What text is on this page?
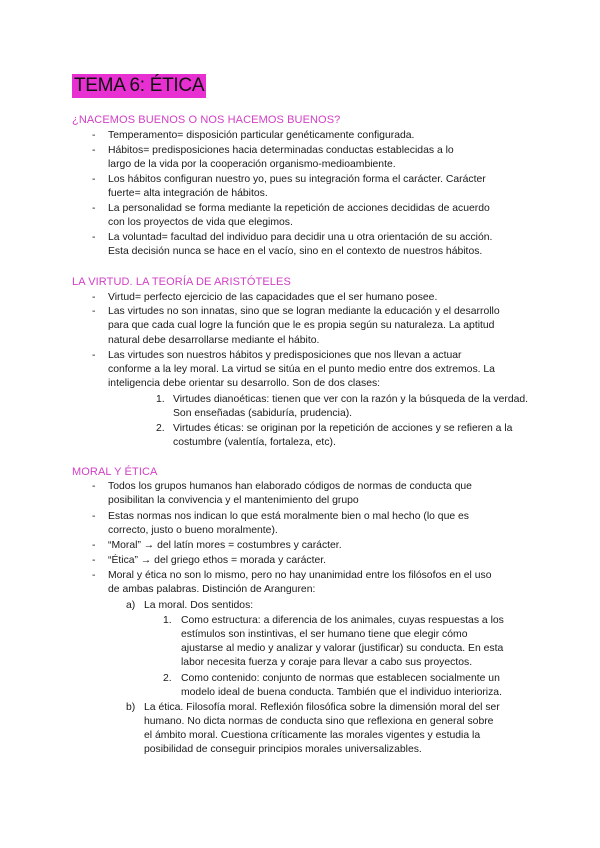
TEMA 6: ÉTICA
¿NACEMOS BUENOS O NOS HACEMOS BUENOS?
- Temperamento= disposición particular genéticamente configurada.
- Hábitos= predisposiciones hacia determinadas conductas establecidas a lo
largo de la vida por la cooperación organismo-medioambiente.
- Los hábitos configuran nuestro yo, pues su integración forma el carácter. Carácter
fuerte= alta integración de hábitos.
- La personalidad se forma mediante la repetición de acciones decididas de acuerdo
con los proyectos de vida que elegimos.
- La voluntad= facultad del individuo para decidir una u otra orientación de su acción.
Esta decisión nunca se hace en el vacío, sino en el contexto de nuestros hábitos.
LA VIRTUD. LA TEORÍA DE ARISTÓTELES
- Virtud= perfecto ejercicio de las capacidades que el ser humano posee.
- Las virtudes no son innatas, sino que se logran mediante la educación y el desarrollo
para que cada cual logre la función que le es propia según su naturaleza. La aptitud
natural debe desarrollarse mediante el hábito.
- Las virtudes son nuestros hábitos y predisposiciones que nos llevan a actuar
conforme a la ley moral. La virtud se sitúa en el punto medio entre dos extremos. La
inteligencia debe orientar su desarrollo. Son de dos clases:
1. Virtudes dianoéticas: tienen que ver con la razón y la búsqueda de la verdad.
Son enseñadas (sabiduría, prudencia).
2. Virtudes éticas: se originan por la repetición de acciones y se refieren a la
costumbre (valentía, fortaleza, etc).
MORAL Y ÉTICA
- Todos los grupos humanos han elaborado códigos de normas de conducta que
posibilitan la convivencia y el mantenimiento del grupo
- Estas normas nos indican lo que está moralmente bien o mal hecho (lo que es
correcto, justo o bueno moralmente).
- “Moral” → del latín mores = costumbres y carácter.
- “Ética” → del griego ethos = morada y carácter.
- Moral y ética no son lo mismo, pero no hay unanimidad entre los filósofos en el uso
de ambas palabras. Distinción de Aranguren:
a) La moral. Dos sentidos:
1. Como estructura: a diferencia de los animales, cuyas respuestas a los
estímulos son instintivas, el ser humano tiene que elegir cómo
ajustarse al medio y analizar y valorar (justificar) su conducta. En esta
labor necesita fuerza y coraje para llevar a cabo sus proyectos.
2. Como contenido: conjunto de normas que establecen socialmente un
modelo ideal de buena conducta. También que el individuo interioriza.
b) La ética. Filosofía moral. Reflexión filosófica sobre la dimensión moral del ser
humano. No dicta normas de conducta sino que reflexiona en general sobre
el ámbito moral. Cuestiona críticamente las morales vigentes y estudia la
posibilidad de conseguir principios morales universalizables.
